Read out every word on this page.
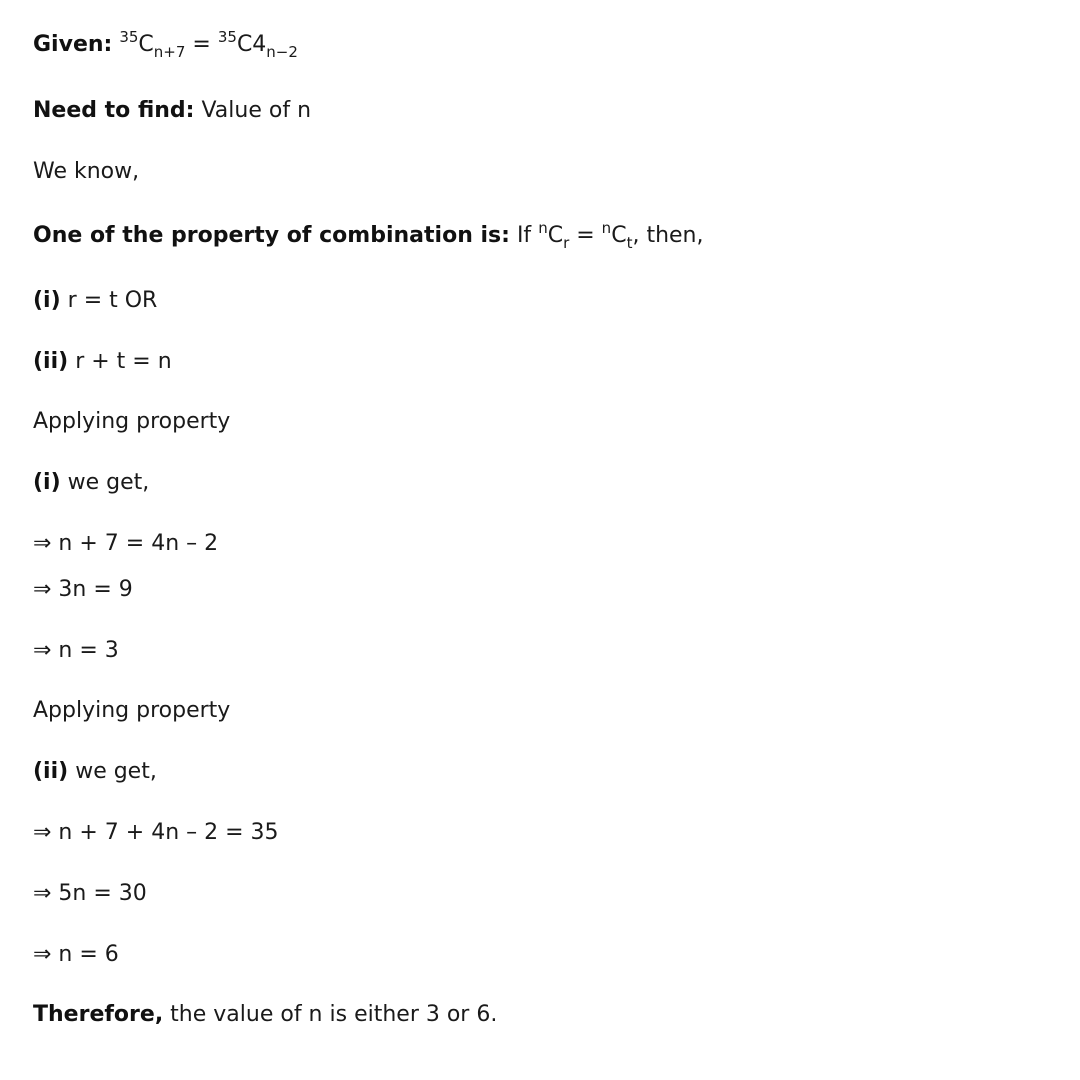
Given: $^{35}C_{n+7} = ^{35}C4_{n-2}$
Need to find: Value of n
We know,
One of the property of combination is: If $^nC_r = ^nC_t$, then,
(i) r = t OR
(ii) r + t = n
Applying property
(i) we get,
⇒ n + 7 = 4n – 2
⇒ 3n = 9
⇒ n = 3
Applying property
(ii) we get,
⇒ n + 7 + 4n – 2 = 35
⇒ 5n = 30
⇒ n = 6
Therefore, the value of n is either 3 or 6.
